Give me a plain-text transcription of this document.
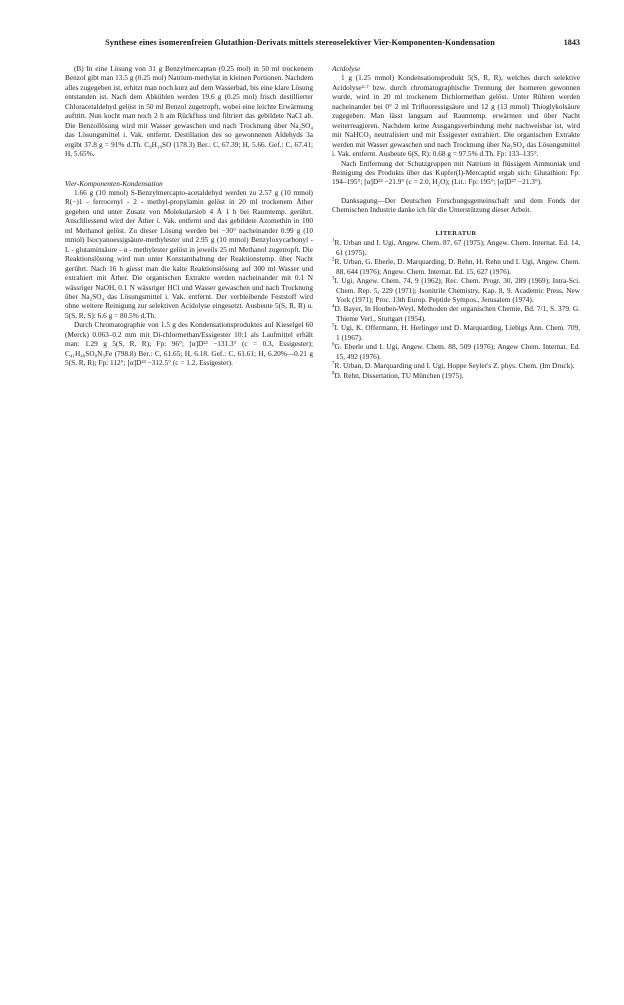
Synthese eines isomerenfreien Glutathion-Derivats mittels stereoselektiver Vier-Komponenten-Kondensation	1843

(B) In eine Lösung von 31 g Benzylmercaptan (0.25 mol) in 50 ml trockenem Benzol gibt man 13.5 g (0.25 mol) Natrium-methylat in kleinen Portionen. Nachdem alles zugegeben ist, erhitzt man noch kurz auf dem Wasserbad, bis eine klare Lösung entstanden ist. Nach dem Abkühlen werden 19.6 g (0.25 mol) frisch destillierter Chloracetaldehyd gelöst in 50 ml Benzol zugetropft, wobei eine leichte Erwärmung auftritt. Nun kocht man noch 2 h am Rückfluss und filtriert das gebildete NaCl ab. Die Benzollösung wird mit Wasser gewaschen und nach Trocknung über Na₂SO₄ das Lösungsmittel i. Vak. entfernt. Destillation des so gewonnenen Aldehyds 3a ergibt 37.8 g = 91% d.Th. C₉H₁₀SO (178.3) Ber.: C, 67.39; H, 5.66. Gef.: C, 67.41; H, 5.65%.

Vier-Komponenten-Kondensation

1.66 g (10 mmol) S-Benzylmercapto-acetaldehyd werden zu 2.57 g (10 mmol) R(−)1 - ferrocenyl - 2 - methyl-propylamin gelöst in 20 ml trockenem Äther gegeben und unter Zusatz von Molekularsieb 4 Å 1 h bei Raumtemp. gerührt. Anschliessend wird der Äther i. Vak. entfernt und das gebildete Azomethin in 100 ml Methanol gelöst. Zu dieser Lösung werden bei −30° nacheinander 0.99 g (10 mmol) Isocyanoessigsäure-methylester und 2.95 g (10 mmol) Benzyloxycarbonyl - L - glutaminsäure - α - methylester gelöst in jeweils 25 ml Methanol zugetropft. Die Reaktionslösung wird nun unter Konstanthaltung der Reaktionstemp. über Nacht gerührt. Nach 16 h giesst man die kalte Reaktionslösung auf 300 ml Wasser und extrahiert mit Äther. Die organischen Extrakte werden nacheinander mit 0.1 N wässriger NaOH, 0.1 N wässriger HCl und Wasser gewaschen und nach Trocknung über Na₂SO₄ das Lösungsmittel i. Vak. entfernt. Der verbleibende Feststoff wird ohne weitere Reinigung zur selektiven Acidolyse eingesetzt. Ausbeute 5(S, R, R) u. 5(S, R, S): 6.6 g = 80.5% d.Th.

Durch Chromatographie von 1.5 g des Kondensationsproduktes auf Kieselgel 60 (Merck) 0.063–0.2 mm mit Di-chlormethan/Essigester 10:1 als Laufmittel erhält man: 1.29 g 5(S, R, R); Fp: 96°; [α]D²³ −131.3° (c = 0.3, Essigester); C₄₁H₄₉SO₈N₃Fe (798.8) Ber.: C, 61.65; H, 6.18. Gef.: C, 61.61; H, 6.20%—0.21 g 5(S, R, R); Fp: 112°; [α]D²³ −312.5° (c = 1.2, Essigester).

Acidolyse

1 g (1.25 mmol) Kondensationsprodukt 5(S, R, R), welches durch selektive Acidolyse²·⁷ bzw. durch chromatographische Trennung der Isomeren gewonnen wurde, wird in 20 ml trockenem Dichlormethan gelöst. Unter Rühren werden nacheinander bei 0° 2 ml Trifluoressigsäure und 12 g (13 mmol) Thioglykolsäure zugegeben. Man lässt langsam auf Raumtemp. erwärmen und über Nacht weiterreagieren. Nachdem keine Ausgangsverbindung mehr nachweisbar ist, wird mit NaHCO₃ neutralisiert und mit Essigester extrahiert. Die organischen Extrakte werden mit Wasser gewaschen und nach Trocknung über Na₂SO₄ das Lösungsmittel i. Vak. entfernt. Ausbeute 6(S, R): 0.68 g = 97.5% d.Th. Fp: 133–135°.

Nach Entfernung der Schutzgruppen mit Natrium in flüssigem Ammoniak und Reinigung des Produkts über das Kupfer(I)-Mercaptid ergab sich: Glutathion: Fp: 194–195°; [α]D²³ −21.9° (c = 2.0, H₂O); (Lit.: Fp: 195°; [α]D²⁷ −21.3°).

Danksagung—Der Deutschen Forschungsgemeinschaft und dem Fonds der Chemischen Industrie danke ich für die Unterstützung dieser Arbeit.

LITERATUR

$^1$R. Urban und I. Ugi, Angew. Chem. 87, 67 (1975); Angew. Chem. Internat. Ed. 14, 61 (1975).

$^2$R. Urban, G. Eberle, D. Marquarding, D. Rehn, H. Rehn und I. Ugi, Angew. Chem. 88, 644 (1976); Angew. Chem. Internat. Ed. 15, 627 (1976).

$^3$I. Ugi, Angew. Chem. 74, 9 (1962); Rec. Chem. Progr. 30, 289 (1969); Intra-Sci. Chem. Rep. 5, 229 (1971); Isonitrile Chemistry, Kap. 8, 9. Academic Press, New York (1971); Proc. 13th Europ. Peptide Sympos., Jerusalem (1974).

$^4$D. Bayer, In Houben-Weyl, Methoden der organischen Chemie, Bd. 7/1, S. 379. G. Thieme Verl., Stuttgart (1954).

$^5$I. Ugi, K. Offermann, H. Herlinger und D. Marquarding, Liebigs Ann. Chem. 709, 1 (1967).

$^6$G. Eberle und I. Ugi, Angew. Chem. 88, 509 (1976); Angew Chem. Internat. Ed. 15, 492 (1976).

$^7$R. Urban, D. Marquarding und I. Ugi, Hoppe Seyler's Z. phys. Chem. (Im Druck).

$^8$D. Rehn, Dissertation, TU München (1975).
